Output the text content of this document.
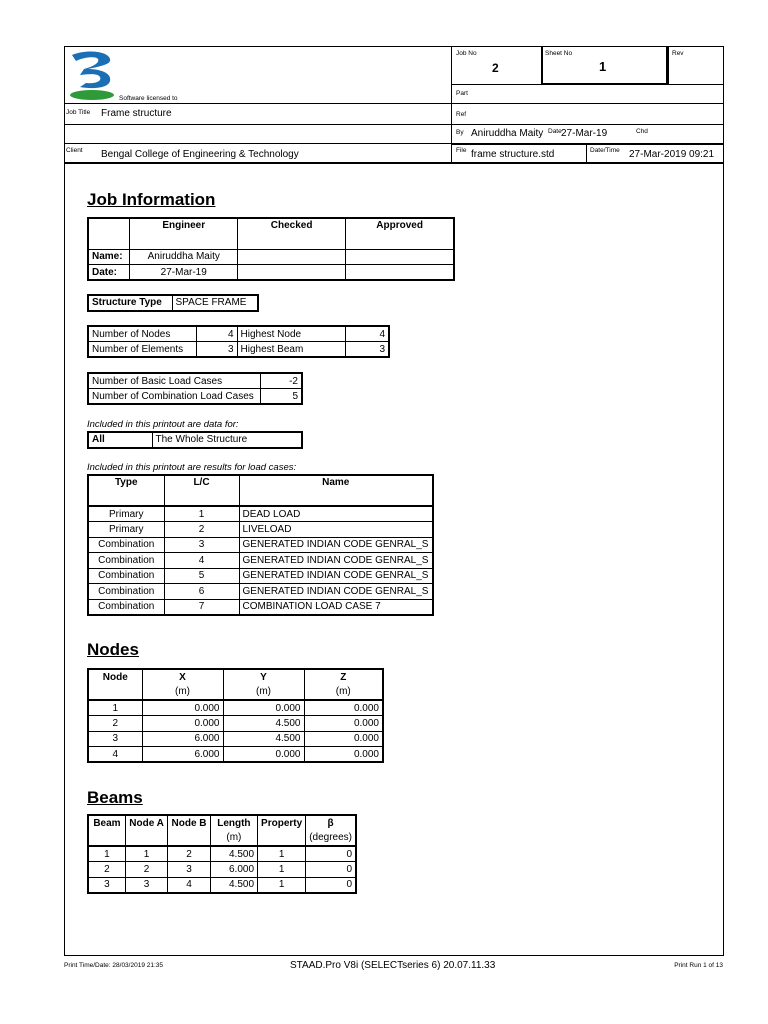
Software licensed to
Job No
2
Sheet No
1
Rev
Part
Ref
Job Title Frame structure
By Aniruddha Maity Date 27-Mar-19	Chd
Client Bengal College of Engineering & Technology	File frame structure.std	Date/Time 27-Mar-2019 09:21
Job Information
	Engineer	Checked	Approved
Name:	Aniruddha Maity		
Date:	27-Mar-19		
Structure Type	SPACE FRAME
Number of Nodes	4	Highest Node	4
Number of Elements	3	Highest Beam	3
Number of Basic Load Cases	-2
Number of Combination Load Cases	5
Included in this printout are data for:
All	The Whole Structure
Included in this printout are results for load cases:
Type	L/C	Name
Primary	1	DEAD LOAD
Primary	2	LIVELOAD
Combination	3	GENERATED INDIAN CODE GENRAL_S
Combination	4	GENERATED INDIAN CODE GENRAL_S
Combination	5	GENERATED INDIAN CODE GENRAL_S
Combination	6	GENERATED INDIAN CODE GENRAL_S
Combination	7	COMBINATION LOAD CASE 7
Nodes
Node	X	Y	Z
	(m)	(m)	(m)
1	0.000	0.000	0.000
2	0.000	4.500	0.000
3	6.000	4.500	0.000
4	6.000	0.000	0.000
Beams
Beam	Node A	Node B	Length	Property	β
			(m)		(degrees)
1	1	2	4.500	1	0
2	2	3	6.000	1	0
3	3	4	4.500	1	0
Print Time/Date: 28/03/2019 21:35	STAAD.Pro V8i (SELECTseries 6) 20.07.11.33	Print Run 1 of 13
